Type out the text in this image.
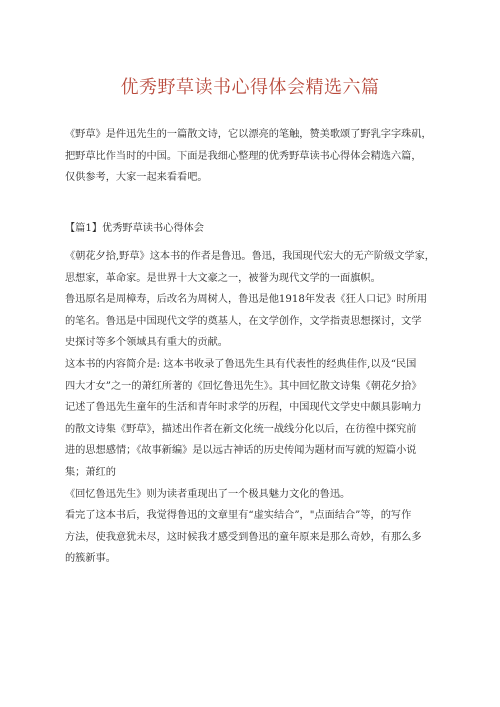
优秀野草读书心得体会精选六篇
《野草》是件迅先生的一篇散文诗，它以漂亮的笔触，赞美歌颂了野乳字字珠矶，
把野草比作当时的中国。下面是我细心整理的优秀野草读书心得体会精选六篇，
仅供参考，大家一起来看看吧。

【篇1】优秀野草读书心得体会

《朝花夕拾,野草》这本书的作者是鲁迅。鲁迅，我国现代宏大的无产阶级文学家，
思想家，革命家。是世界十大文豪之一，被誉为现代文学的一面旗帜。
鲁迅原名是周樟寿，后改名为周树人，鲁迅是他1918年发表《狂人口记》时所用
的笔名。鲁迅是中国现代文学的奠基人，在文学创作，文学指责思想探讨，文学
史探讨等多个领域具有重大的贡献。
这本书的内容简介是: 这本书收录了鲁迅先生具有代表性的经典佳作,以及“民国
四大才女”之一的萧红所著的《回忆鲁迅先生》。其中回忆散文诗集《朝花夕拾》
记述了鲁迅先生童年的生活和青年时求学的历程，中国现代文学史中颇具影响力
的散文诗集《野草》，描述出作者在新文化统一战线分化以后，在彷徨中探究前
进的思想感情；《故事新编》是以远古神话的历史传闻为题材而写就的短篇小说
集；萧红的
《回忆鲁迅先生》则为读者重现出了一个极具魅力文化的鲁迅。
看完了这本书后，我觉得鲁迅的文章里有“虚实结合”，"点面结合”等，的写作
方法，使我意犹未尽，这时候我才感受到鲁迅的童年原来是那么奇妙，有那么多
的簇新事。
